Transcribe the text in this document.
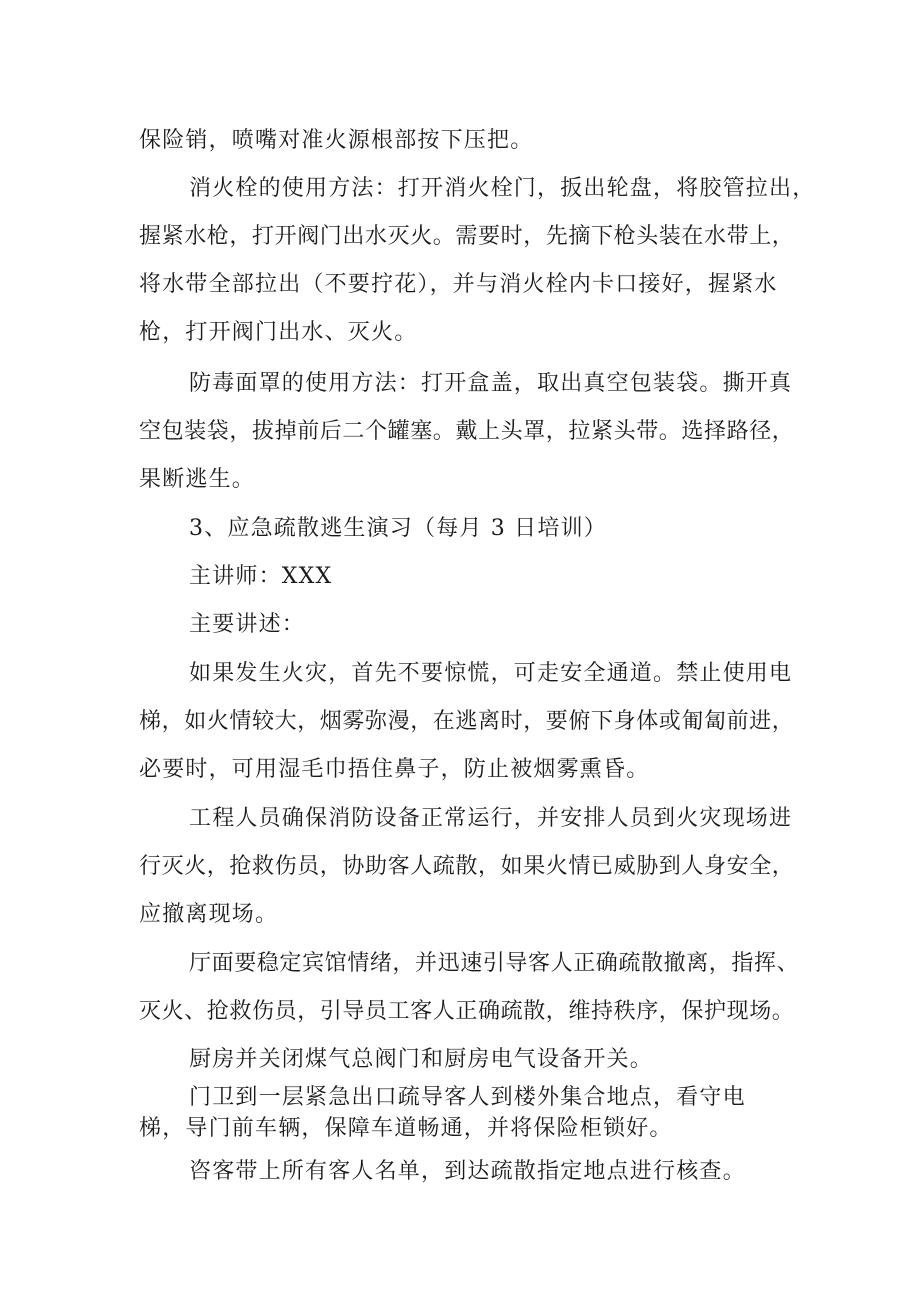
保险销，喷嘴对准火源根部按下压把。
消火栓的使用方法：打开消火栓门，扳出轮盘，将胶管拉出，
握紧水枪，打开阀门出水灭火。需要时，先摘下枪头装在水带上，
将水带全部拉出（不要拧花），并与消火栓内卡口接好，握紧水
枪，打开阀门出水、灭火。
防毒面罩的使用方法：打开盒盖，取出真空包装袋。撕开真
空包装袋，拔掉前后二个罐塞。戴上头罩，拉紧头带。选择路径，
果断逃生。
3、应急疏散逃生演习（每月 3 日培训）
主讲师：XXX
主要讲述：
如果发生火灾，首先不要惊慌，可走安全通道。禁止使用电
梯，如火情较大，烟雾弥漫，在逃离时，要俯下身体或匍匐前进，
必要时，可用湿毛巾捂住鼻子，防止被烟雾熏昏。
工程人员确保消防设备正常运行，并安排人员到火灾现场进
行灭火，抢救伤员，协助客人疏散，如果火情已威胁到人身安全，
应撤离现场。
厅面要稳定宾馆情绪，并迅速引导客人正确疏散撤离，指挥、
灭火、抢救伤员，引导员工客人正确疏散，维持秩序，保护现场。
厨房并关闭煤气总阀门和厨房电气设备开关。
门卫到一层紧急出口疏导客人到楼外集合地点，看守电
梯，导门前车辆，保障车道畅通，并将保险柜锁好。
咨客带上所有客人名单，到达疏散指定地点进行核查。
